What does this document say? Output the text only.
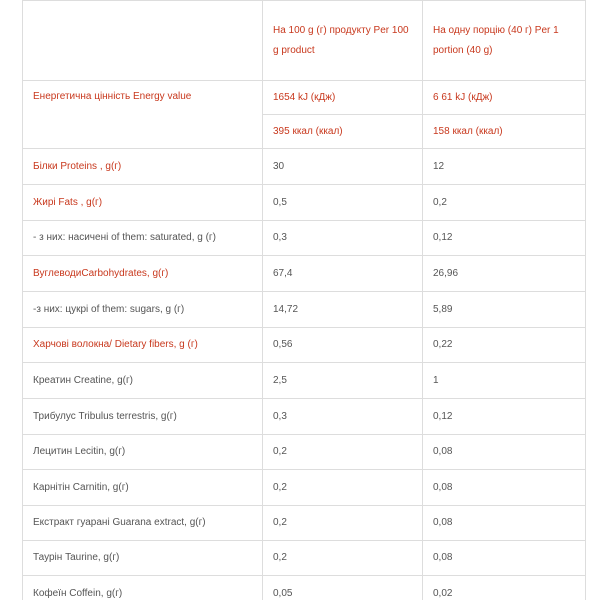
	На 100 g (г) продукту Per 100 g product	На одну порцію (40 г) Per 1 portion (40 g)
Енергетична цінність Energy value	1654 kJ (кДж)	6 61 kJ (кДж)
	395 ккал (ккал)	158 ккал (ккал)
Білки Proteins , g(г)	30	12
Жирі Fats , g(г)	0,5	0,2
- з них: насичені of them: saturated, g (г)	0,3	0,12
ВуглеводиCarbohydrates, g(г)	67,4	26,96
-з них: цукрі of them: sugars, g (г)	14,72	5,89
Харчові волокна/ Dietary fibers, g (г)	0,56	0,22
Креатин Creatine, g(г)	2,5	1
Трибулус Tribulus terrestris, g(г)	0,3	0,12
Лецитин Lecitin, g(г)	0,2	0,08
Карнітін Carnitin, g(г)	0,2	0,08
Екстракт гуарані Guarana extract, g(г)	0,2	0,08
Таурін Taurine, g(г)	0,2	0,08
Кофеїн Coffein, g(г)	0,05	0,02
